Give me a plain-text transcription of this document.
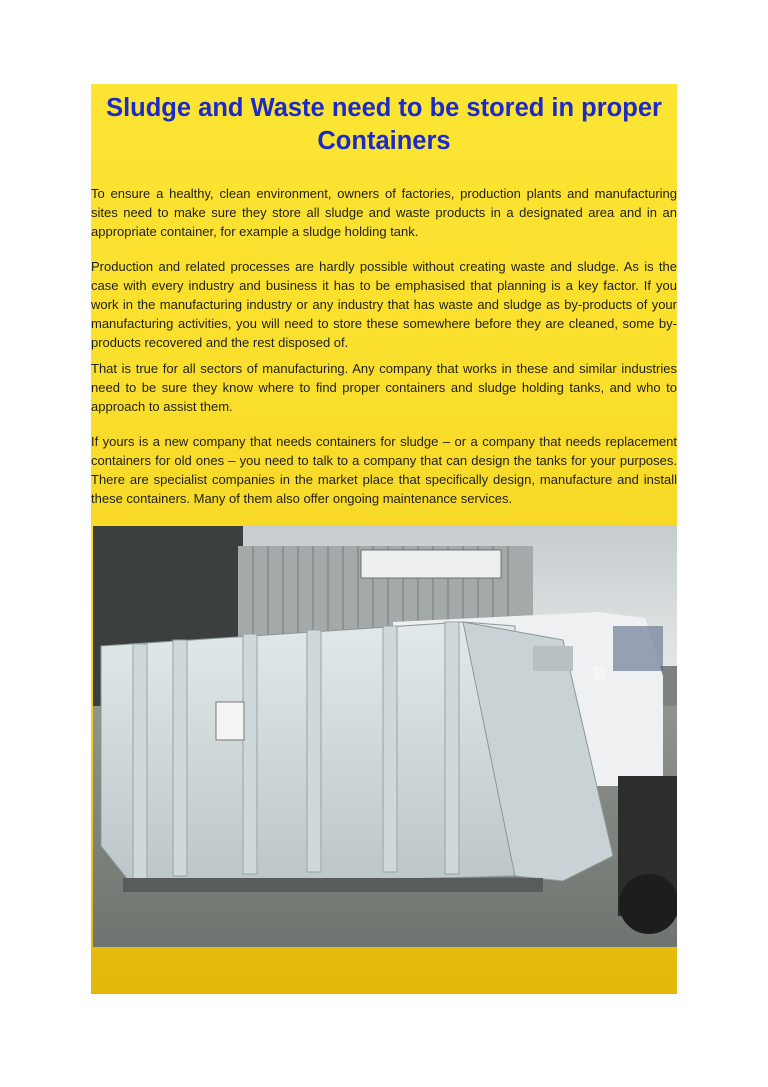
Sludge and Waste need to be stored in proper Containers

To ensure a healthy, clean environment, owners of factories, production plants and manufacturing sites need to make sure they store all sludge and waste products in a designated area and in an appropriate container, for example a sludge holding tank.

Production and related processes are hardly possible without creating waste and sludge. As is the case with every industry and business it has to be emphasised that planning is a key factor. If you work in the manufacturing industry or any industry that has waste and sludge as by-products of your manufacturing activities, you will need to store these somewhere before they are cleaned, some by-products recovered and the rest disposed of.

That is true for all sectors of manufacturing. Any company that works in these and similar industries need to be sure they know where to find proper containers and sludge holding tanks, and who to approach to assist them.

If yours is a new company that needs containers for sludge – or a company that needs replacement containers for old ones – you need to talk to a company that can design the tanks for your purposes. There are specialist companies in the market place that specifically design, manufacture and install these containers. Many of them also offer ongoing maintenance services.
